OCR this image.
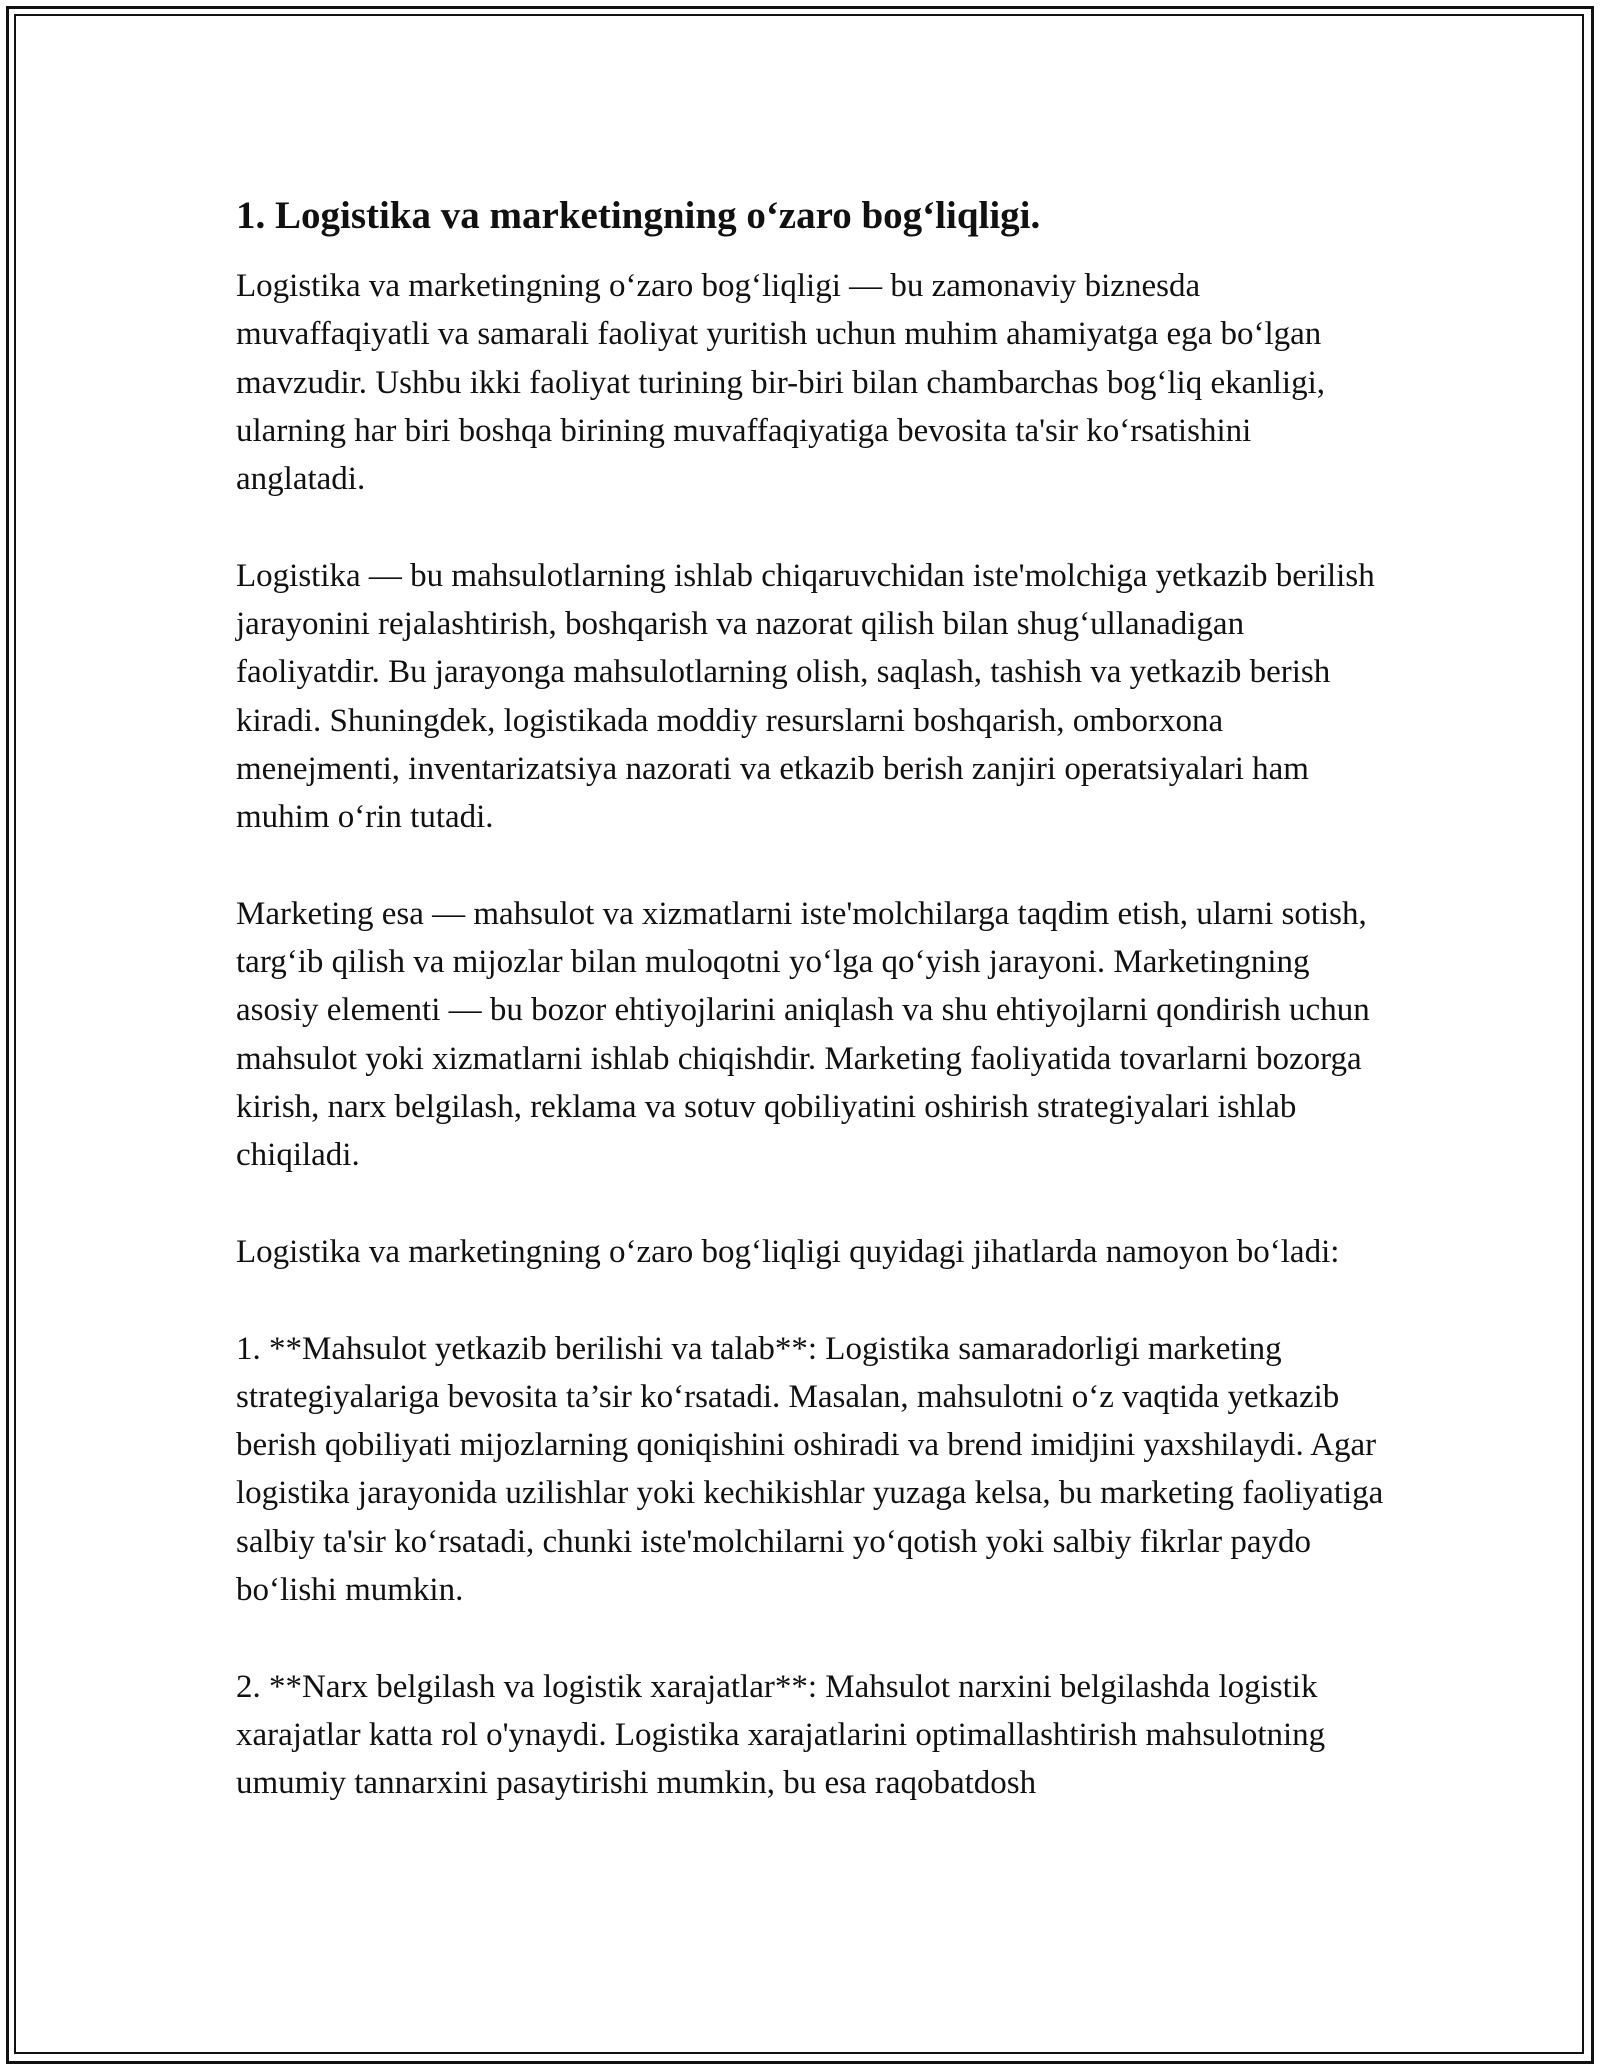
1. Logistika va marketingning o‘zaro bog‘liqligi.

Logistika va marketingning o‘zaro bog‘liqligi — bu zamonaviy biznesda muvaffaqiyatli va samarali faoliyat yuritish uchun muhim ahamiyatga ega bo‘lgan mavzudir. Ushbu ikki faoliyat turining bir-biri bilan chambarchas bog‘liq ekanligi, ularning har biri boshqa birining muvaffaqiyatiga bevosita ta'sir ko‘rsatishini anglatadi.

Logistika — bu mahsulotlarning ishlab chiqaruvchidan iste'molchiga yetkazib berilish jarayonini rejalashtirish, boshqarish va nazorat qilish bilan shug‘ullanadigan faoliyatdir. Bu jarayonga mahsulotlarning olish, saqlash, tashish va yetkazib berish kiradi. Shuningdek, logistikada moddiy resurslarni boshqarish, omborxona menejmenti, inventarizatsiya nazorati va etkazib berish zanjiri operatsiyalari ham muhim o‘rin tutadi.

Marketing esa — mahsulot va xizmatlarni iste'molchilarga taqdim etish, ularni sotish, targ‘ib qilish va mijozlar bilan muloqotni yo‘lga qo‘yish jarayoni. Marketingning asosiy elementi — bu bozor ehtiyojlarini aniqlash va shu ehtiyojlarni qondirish uchun mahsulot yoki xizmatlarni ishlab chiqishdir. Marketing faoliyatida tovarlarni bozorga kirish, narx belgilash, reklama va sotuv qobiliyatini oshirish strategiyalari ishlab chiqiladi.

Logistika va marketingning o‘zaro bog‘liqligi quyidagi jihatlarda namoyon bo‘ladi:

1. **Mahsulot yetkazib berilishi va talab**: Logistika samaradorligi marketing strategiyalariga bevosita ta’sir ko‘rsatadi. Masalan, mahsulotni o‘z vaqtida yetkazib berish qobiliyati mijozlarning qoniqishini oshiradi va brend imidjini yaxshilaydi. Agar logistika jarayonida uzilishlar yoki kechikishlar yuzaga kelsa, bu marketing faoliyatiga salbiy ta'sir ko‘rsatadi, chunki iste'molchilarni yo‘qotish yoki salbiy fikrlar paydo bo‘lishi mumkin.

2. **Narx belgilash va logistik xarajatlar**: Mahsulot narxini belgilashda logistik xarajatlar katta rol o'ynaydi. Logistika xarajatlarini optimallashtirish mahsulotning umumiy tannarxini pasaytirishi mumkin, bu esa raqobatdosh
